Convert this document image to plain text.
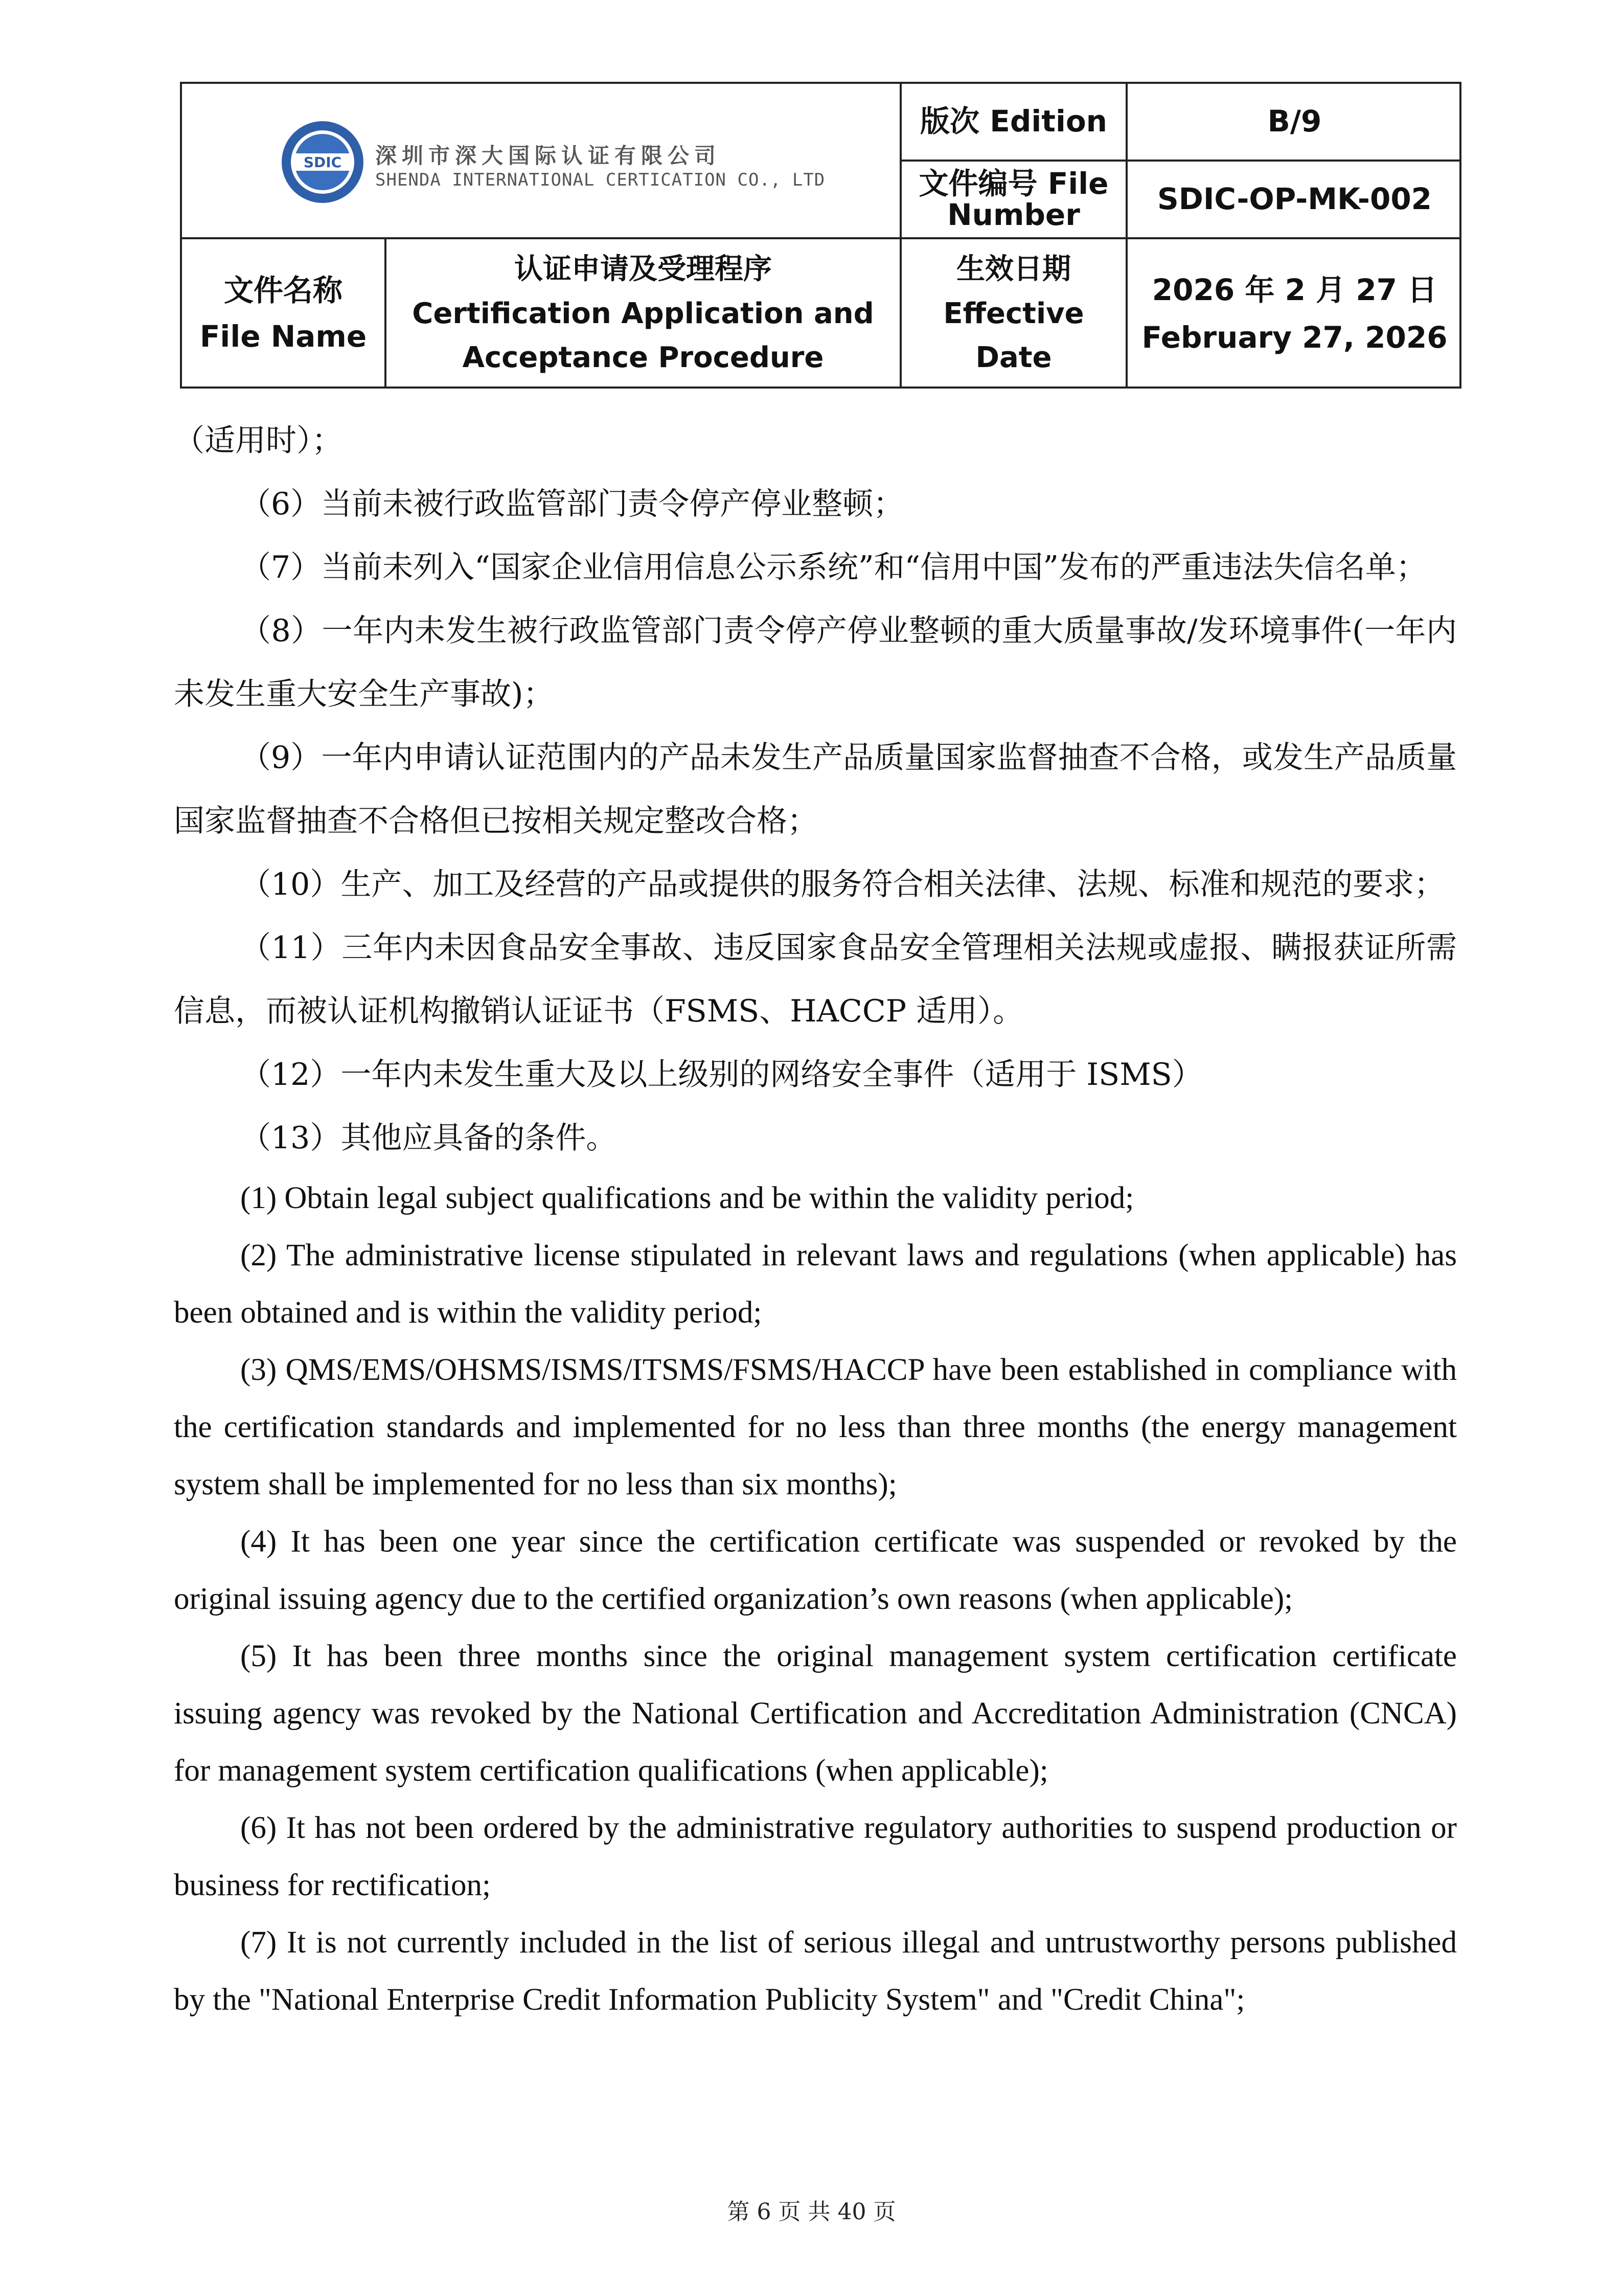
SDIC 深圳市深大国际认证有限公司
SHENDA INTERNATIONAL CERTICATION CO., LTD
版次 Edition	B/9
文件编号 File
Number	SDIC-OP-MK-002
文件名称
File Name
认证申请及受理程序
Certification Application and
Acceptance Procedure
生效日期
Effective
Date
2026 年 2 月 27 日
February 27, 2026

（适用时）；

（6）当前未被行政监管部门责令停产停业整顿；

（7）当前未列入“国家企业信用信息公示系统”和“信用中国”发布的严重违法失信名单；

（8）一年内未发生被行政监管部门责令停产停业整顿的重大质量事故/发环境事件(一年内未发生重大安全生产事故)；

（9）一年内申请认证范围内的产品未发生产品质量国家监督抽查不合格，或发生产品质量国家监督抽查不合格但已按相关规定整改合格；

（10）生产、加工及经营的产品或提供的服务符合相关法律、法规、标准和规范的要求；

（11）三年内未因食品安全事故、违反国家食品安全管理相关法规或虚报、瞒报获证所需信息，而被认证机构撤销认证证书（FSMS、HACCP 适用）。

（12）一年内未发生重大及以上级别的网络安全事件（适用于 ISMS）

（13）其他应具备的条件。

(1) Obtain legal subject qualifications and be within the validity period;

(2) The administrative license stipulated in relevant laws and regulations (when applicable) has been obtained and is within the validity period;

(3) QMS/EMS/OHSMS/ISMS/ITSMS/FSMS/HACCP have been established in compliance with the certification standards and implemented for no less than three months (the energy management system shall be implemented for no less than six months);

(4) It has been one year since the certification certificate was suspended or revoked by the original issuing agency due to the certified organization’s own reasons (when applicable);

(5) It has been three months since the original management system certification certificate issuing agency was revoked by the National Certification and Accreditation Administration (CNCA) for management system certification qualifications (when applicable);

(6) It has not been ordered by the administrative regulatory authorities to suspend production or business for rectification;

(7) It is not currently included in the list of serious illegal and untrustworthy persons published by the "National Enterprise Credit Information Publicity System" and "Credit China";

第 6 页 共 40 页
